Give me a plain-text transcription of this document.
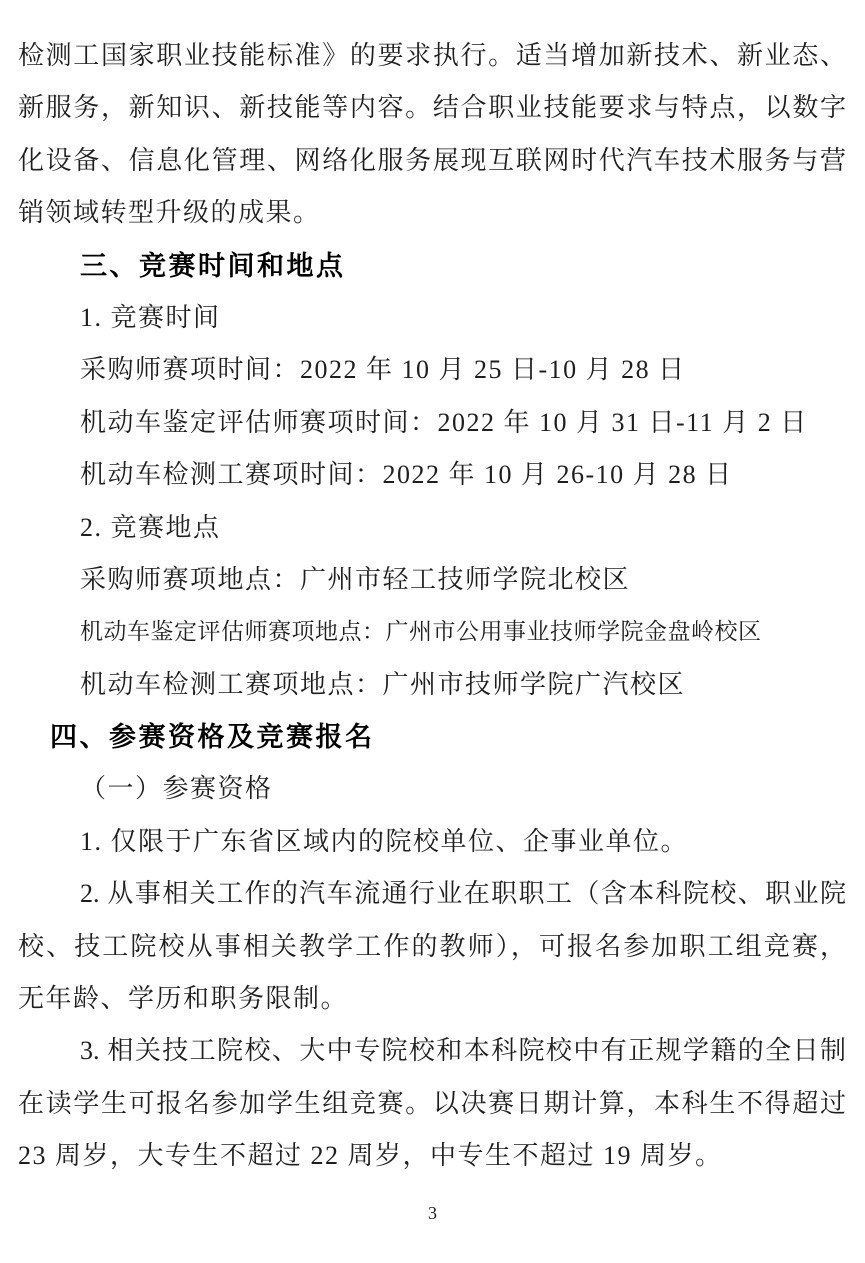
检测工国家职业技能标准》的要求执行。适当增加新技术、新业态、
新服务，新知识、新技能等内容。结合职业技能要求与特点，以数字
化设备、信息化管理、网络化服务展现互联网时代汽车技术服务与营
销领域转型升级的成果。
三、竞赛时间和地点
1. 竞赛时间
采购师赛项时间：2022 年 10 月 25 日-10 月 28 日
机动车鉴定评估师赛项时间：2022 年 10 月 31 日-11 月 2 日
机动车检测工赛项时间：2022 年 10 月 26-10 月 28 日
2. 竞赛地点
采购师赛项地点：广州市轻工技师学院北校区
机动车鉴定评估师赛项地点：广州市公用事业技师学院金盘岭校区
机动车检测工赛项地点：广州市技师学院广汽校区
四、参赛资格及竞赛报名
（一）参赛资格
1. 仅限于广东省区域内的院校单位、企事业单位。
2. 从事相关工作的汽车流通行业在职职工（含本科院校、职业院
校、技工院校从事相关教学工作的教师），可报名参加职工组竞赛，
无年龄、学历和职务限制。
3. 相关技工院校、大中专院校和本科院校中有正规学籍的全日制
在读学生可报名参加学生组竞赛。以决赛日期计算，本科生不得超过
23 周岁，大专生不超过 22 周岁，中专生不超过 19 周岁。
3
